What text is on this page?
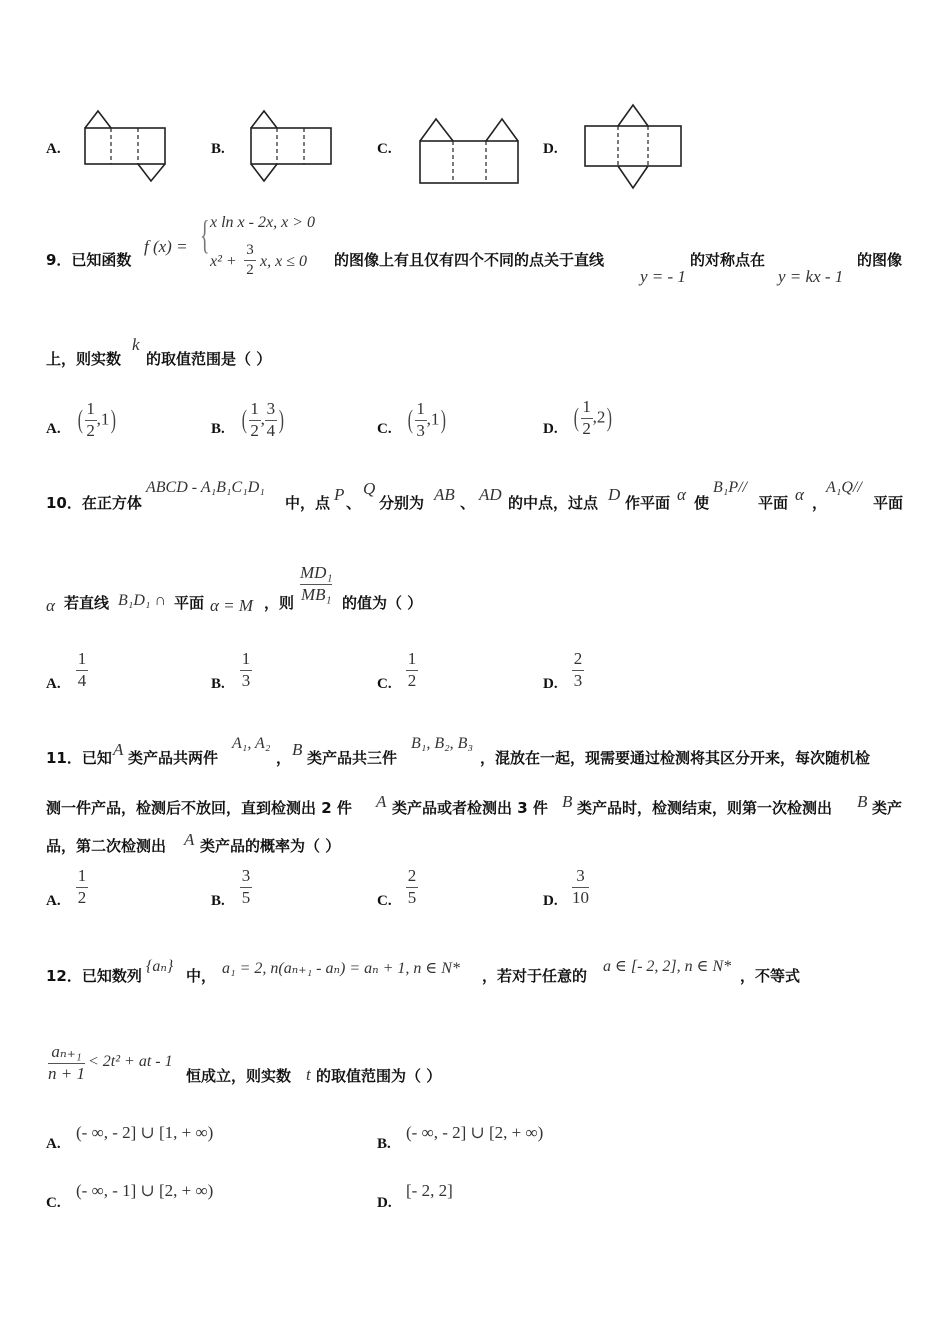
A.	B.	C.	D.
9．已知函数
f (x) = { x ln x - 2x, x > 0
x² +
3
2 x, x ≤ 0 的图像上有且仅有四个不同的点关于直线
y = - 1
的对称点在
y = kx - 1
的图像
上，则实数
k
的取值范围是（ ）
A. ( $\frac{1}{2} ,1$)	B. ( $\frac{1}{2}$ , $\frac{3}{4}$ )	C. ( $\frac{1}{3} ,1$)	D. ( $\frac{1}{2} ,2$)
10．在正方体
ABCD - A₁B₁C₁D₁
中，点 P 、
Q
分别为 AB 、 AD 的中点，过点 D 作平面 α 使
B₁P//
平面 α ，
A₁Q//
平面
α 若直线 B₁D₁ ∩ 平面 α = M ，则
MD₁
MB₁ 的值为（ ）
A.
1
4	B.
1
3	C.
1
2	D.
2
3
11．已知 A 类产品共两件
A₁, A₂
， B 类产品共三件
B₁, B₂, B₃
，混放在一起，现需要通过检测将其区分开来，每次随机检
测一件产品，检测后不放回，直到检测出 2 件 A 类产品或者检测出 3 件 B 类产品时，检测结束，则第一次检测出 B 类产
品，第二次检测出 A 类产品的概率为（ ）
A.
1
2	B.
3
5	C.
2
5	D.
3
10
12．已知数列
{aₙ}
中， a₁ = 2, n(aₙ₊₁ - aₙ) = aₙ + 1, n ∈ N* ，若对于任意的
a ∈ [- 2, 2], n ∈ N*
，不等式
aₙ₊₁
n + 1
< 2t² + at - 1
恒成立，则实数 t 的取值范围为（ ）
A.
(- ∞, - 2] ∪ [1, + ∞)
B.
(- ∞, - 2] ∪ [2, + ∞)
C.
(- ∞, - 1] ∪ [2, + ∞)
D.
[- 2, 2]
